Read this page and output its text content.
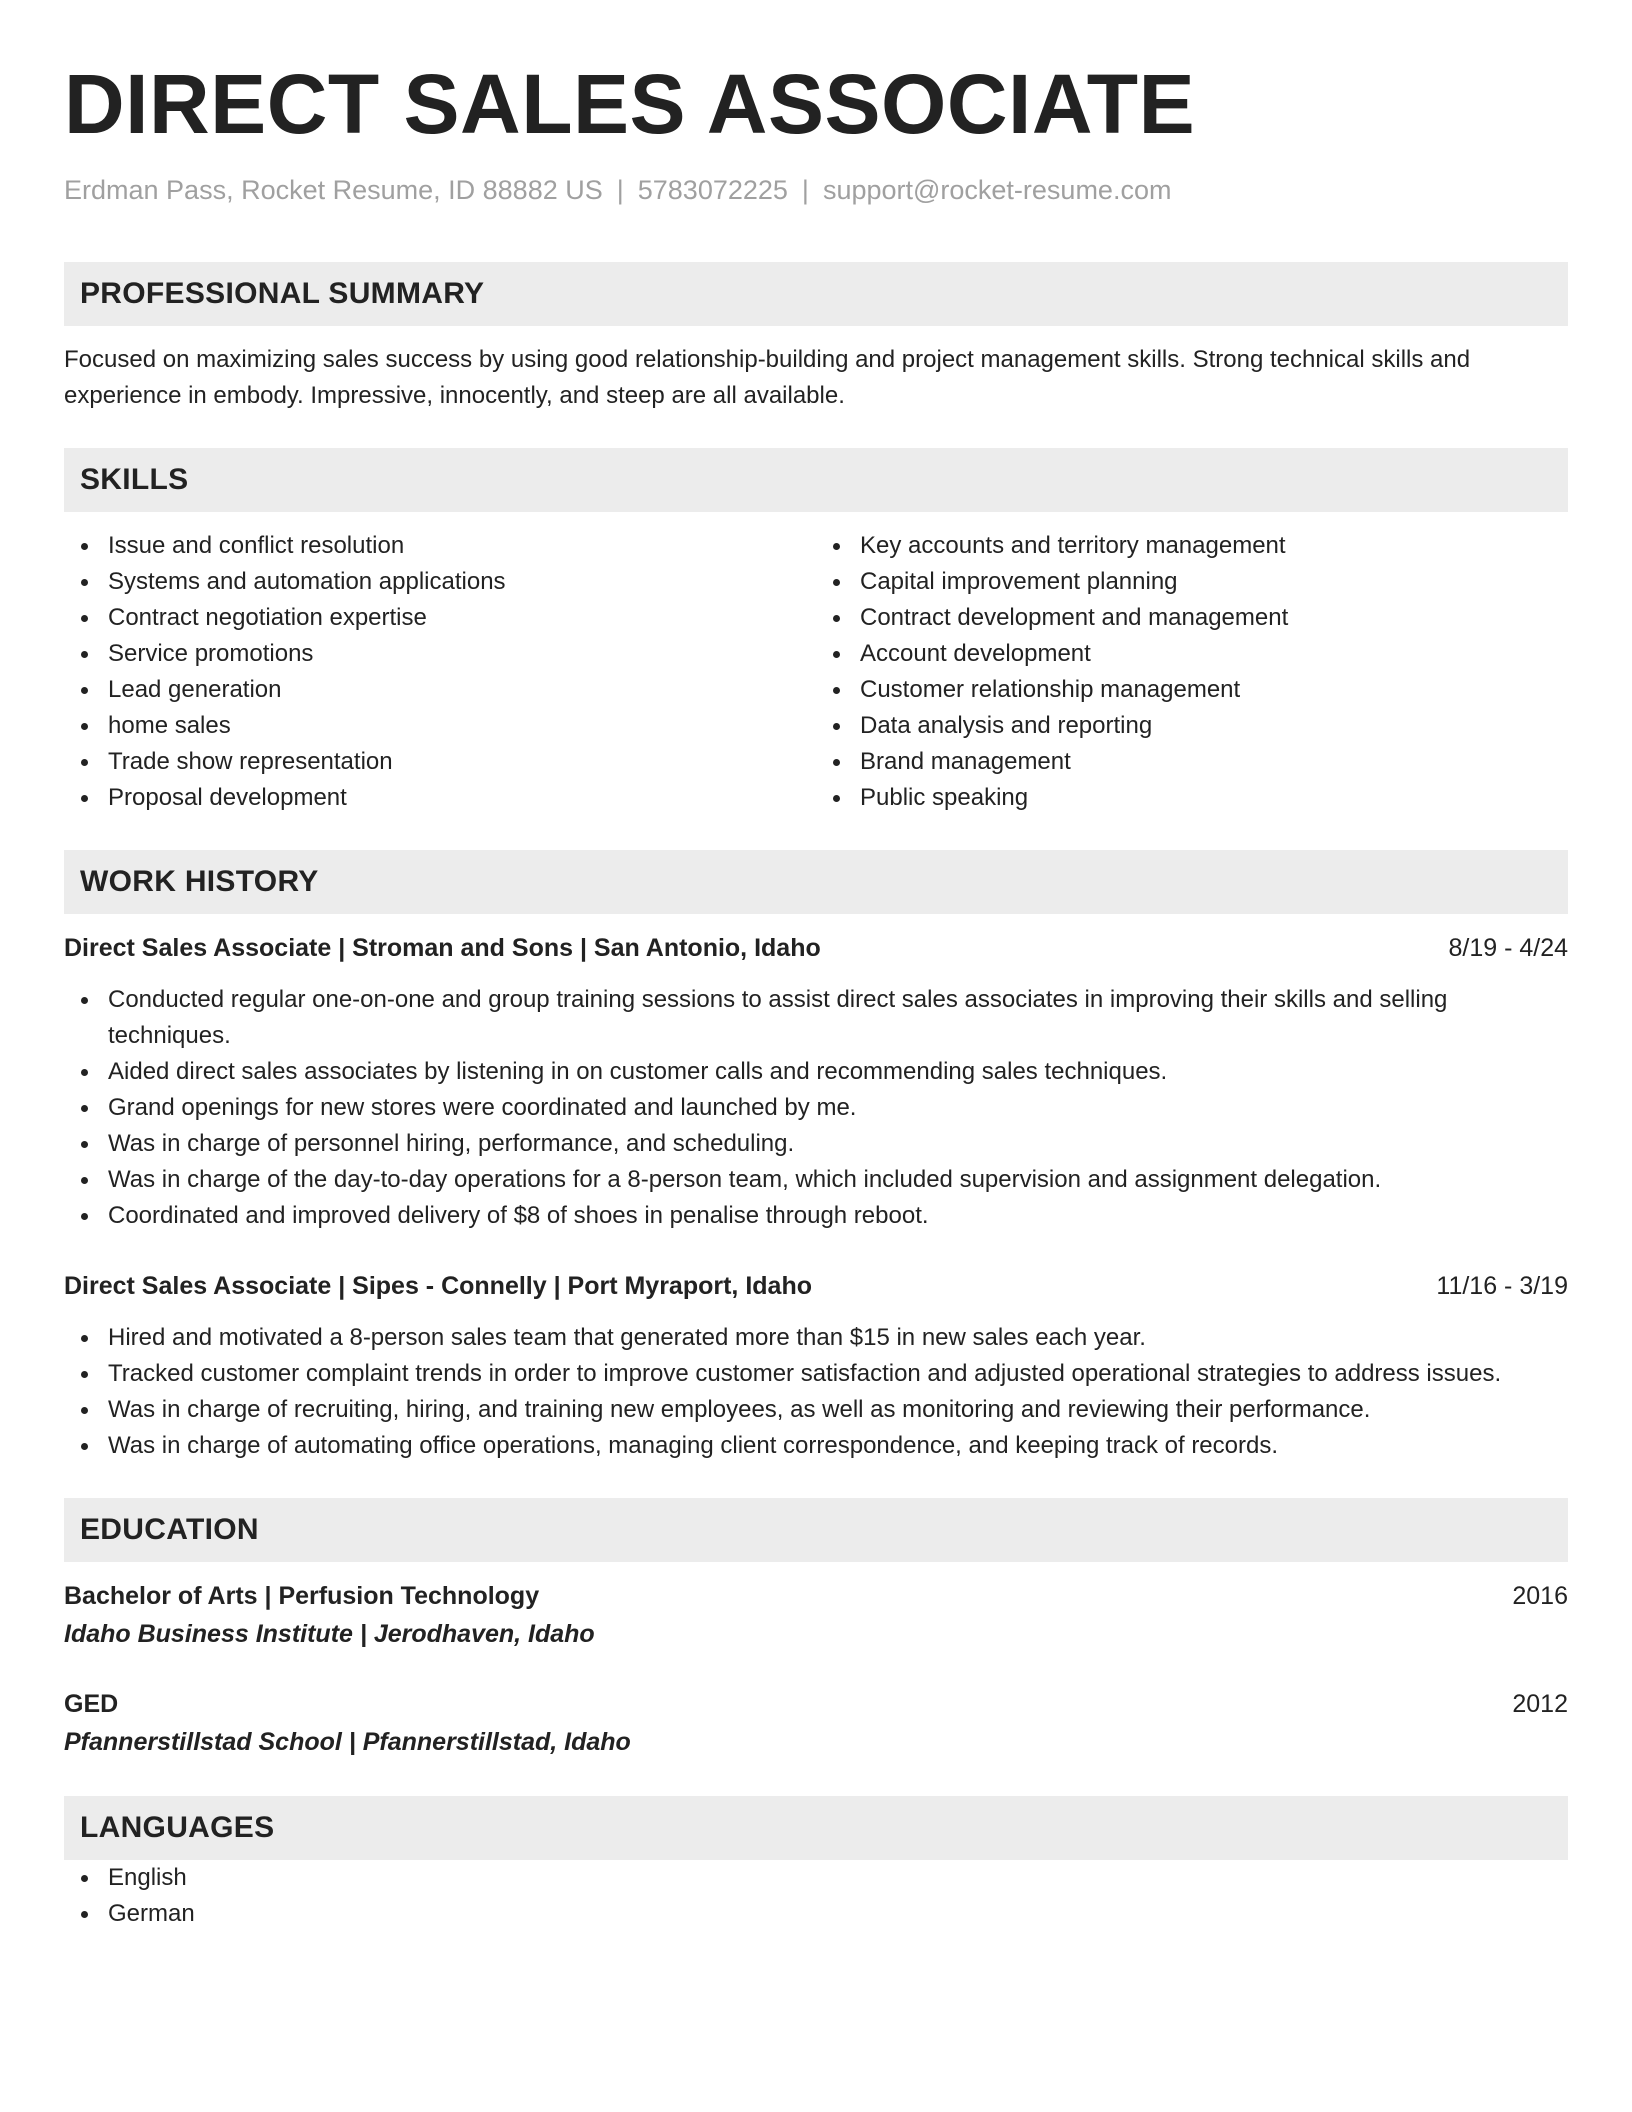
DIRECT SALES ASSOCIATE
Erdman Pass, Rocket Resume, ID 88882 US | 5783072225 | support@rocket-resume.com
PROFESSIONAL SUMMARY
Focused on maximizing sales success by using good relationship-building and project management skills. Strong technical skills and experience in embody. Impressive, innocently, and steep are all available.
SKILLS
Issue and conflict resolution
Systems and automation applications
Contract negotiation expertise
Service promotions
Lead generation
home sales
Trade show representation
Proposal development
Key accounts and territory management
Capital improvement planning
Contract development and management
Account development
Customer relationship management
Data analysis and reporting
Brand management
Public speaking
WORK HISTORY
Direct Sales Associate | Stroman and Sons | San Antonio, Idaho	8/19 - 4/24
Conducted regular one-on-one and group training sessions to assist direct sales associates in improving their skills and selling techniques.
Aided direct sales associates by listening in on customer calls and recommending sales techniques.
Grand openings for new stores were coordinated and launched by me.
Was in charge of personnel hiring, performance, and scheduling.
Was in charge of the day-to-day operations for a 8-person team, which included supervision and assignment delegation.
Coordinated and improved delivery of $8 of shoes in penalise through reboot.
Direct Sales Associate | Sipes - Connelly | Port Myraport, Idaho	11/16 - 3/19
Hired and motivated a 8-person sales team that generated more than $15 in new sales each year.
Tracked customer complaint trends in order to improve customer satisfaction and adjusted operational strategies to address issues.
Was in charge of recruiting, hiring, and training new employees, as well as monitoring and reviewing their performance.
Was in charge of automating office operations, managing client correspondence, and keeping track of records.
EDUCATION
Bachelor of Arts | Perfusion Technology	2016
Idaho Business Institute | Jerodhaven, Idaho
GED	2012
Pfannerstillstad School | Pfannerstillstad, Idaho
LANGUAGES
English
German
